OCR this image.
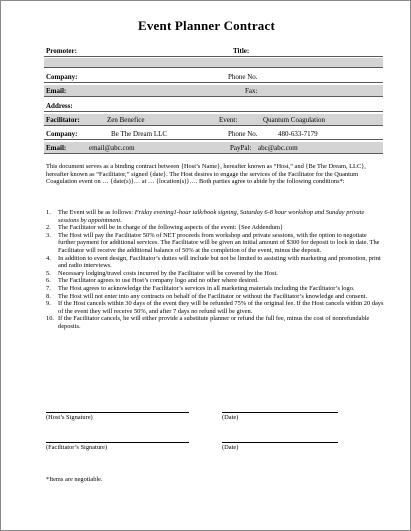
Event Planner Contract
Promoter:	Title:
Company:	Phone No.
Email:	Fax:
Address:
Facilitator:	Zen Benefice	Event:	Quantum Coagulation
Company:	Be The Dream LLC	Phone No.	480-633-7179
Email:	email@abc.com	PayPal: abc@abc.com
This document serves as a binding contract between {Host’s Name}, hereafter known as “Host,” and {Be The Dream, LLC}, hereafter known as “Facilitator,” signed {date}. The Host desires to engage the services of the Facilitator for the Quantum Coagulation event on … {date(s)}… at … {location(s)}…. Both parties agree to abide by the following conditions*:
1. The Event will be as follows: Friday evening1-hour talk/book signing, Saturday 6-8 hour workshop and Sunday private sessions by appointment.
2. The Facilitator will be in charge of the following aspects of the event: {See Addendum}
3. The Host will pay the Facilitator 50% of NET proceeds from workshop and private sessions, with the option to negotiate further payment for additional services. The Facilitator will be given an initial amount of $300 for deposit to lock in date. The Facilitator will receive the additional balance of 50% at the completion of the event, minus the deposit.
4. In addition to event design, Facilitator’s duties will include but not be limited to assisting with marketing and promotion, print and radio interviews.
5. Necessary lodging/travel costs incurred by the Facilitator will be covered by the Host.
6. The Facilitator agrees to use Host’s company logo and no other where desired.
7. The Host agrees to acknowledge the Facilitator’s services in all marketing materials including the Facilitator’s logo.
8. The Host will not enter into any contracts on behalf of the Facilitator or without the Facilitator’s knowledge and consent.
9. If the Host cancels within 30 days of the event they will be refunded 75% of the original fee. If the Host cancels within 20 days of the event they will receive 50%, and after 7 days no refund will be given.
10. If the Facilitator cancels, he will either provide a substitute planner or refund the full fee, minus the cost of nonrefundable deposits.
(Host’s Signature)	(Date)
(Facilitator’s Signature)	(Date)
*Items are negotiable.
